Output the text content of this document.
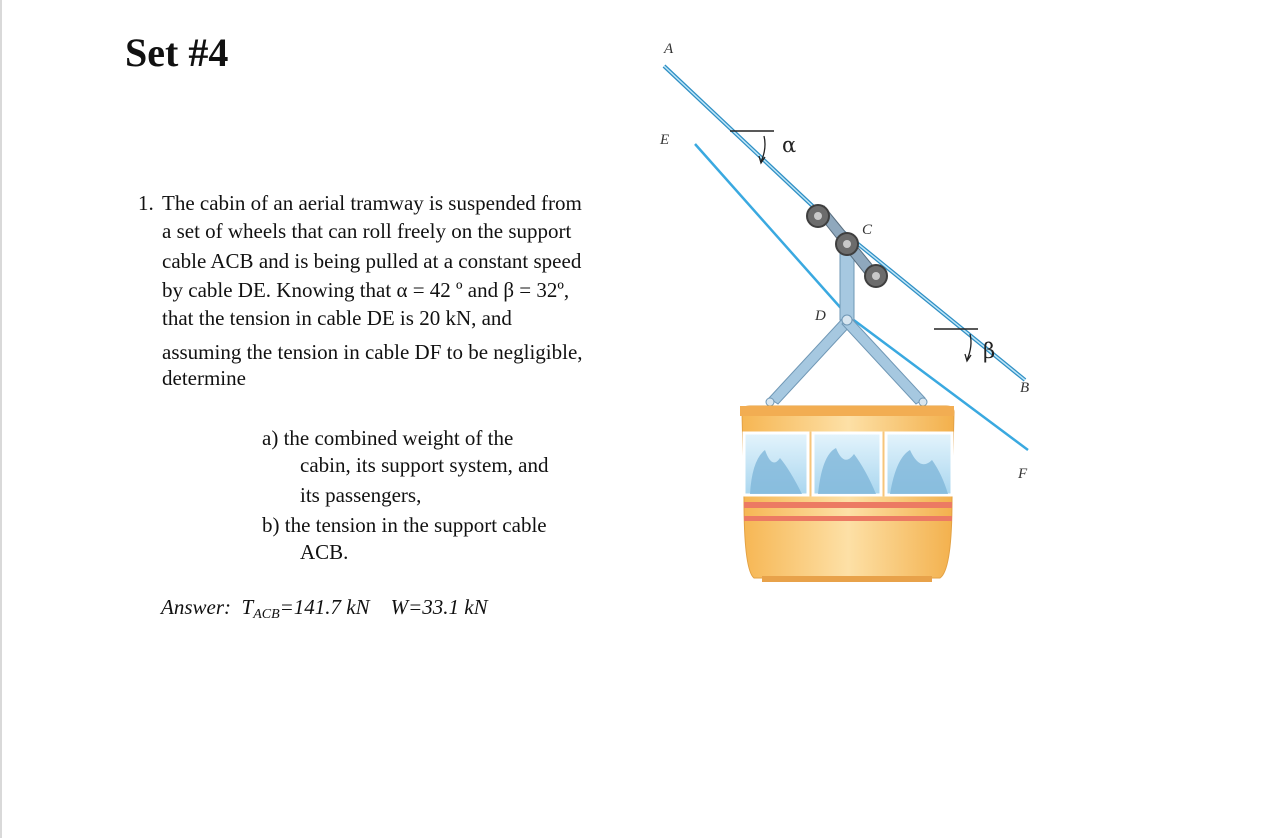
Set #4
1. The cabin of an aerial tramway is suspended from
a set of wheels that can roll freely on the support
cable ACB and is being pulled at a constant speed
by cable DE. Knowing that α = 42 º and β = 32º,
that the tension in cable DE is 20 kN, and
assuming the tension in cable DF to be negligible,
determine
a) the combined weight of the
cabin, its support system, and
its passengers,
b) the tension in the support cable
ACB.
Answer: $T_{ACB}=141.7$ kN W=33.1 kN
A
E
C
D
B
F
α
β
